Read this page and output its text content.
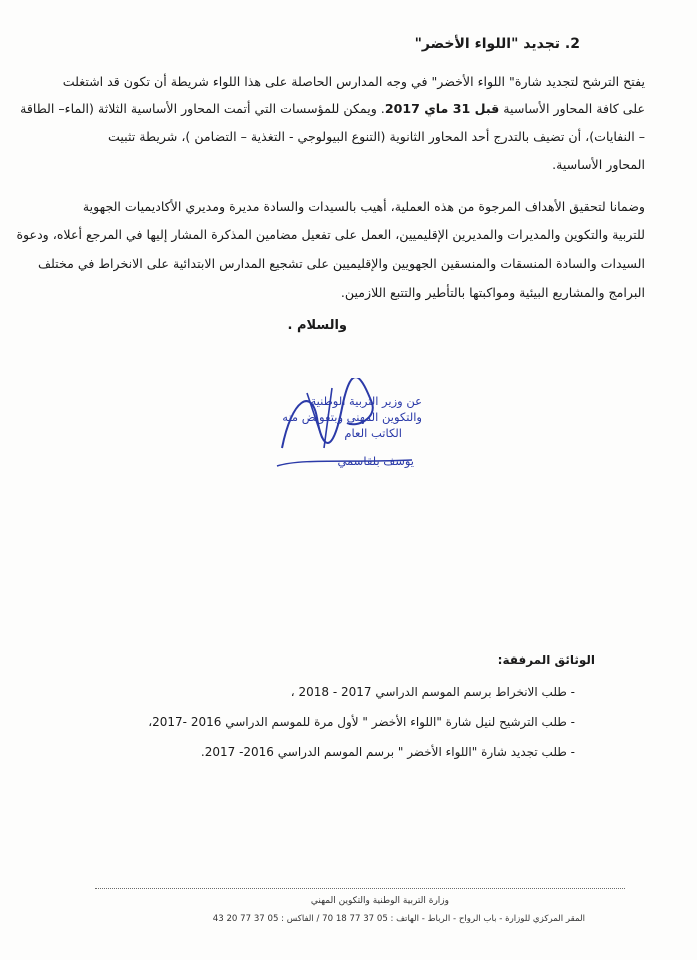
2. تجديد "اللواء الأخضر"
يفتح الترشح لتجديد شارة" اللواء الأخضر" في وجه المدارس الحاصلة على هذا اللواء شريطة أن تكون قد اشتغلت
على كافة المحاور الأساسية قبل 31 ماي 2017. ويمكن للمؤسسات التي أتمت المحاور الأساسية الثلاثة (الماء– الطاقة
– النفايات)، أن تضيف بالتدرج أحد المحاور الثانوية (التنوع البيولوجي - التغذية – التضامن )، شريطة تثبيت
المحاور الأساسية.
وضمانا لتحقيق الأهداف المرجوة من هذه العملية، أهيب بالسيدات والسادة مديرة ومديري الأكاديميات الجهوية
للتربية والتكوين والمديرات والمديرين الإقليميين، العمل على تفعيل مضامين المذكرة المشار إليها في المرجع أعلاه، ودعوة
السيدات والسادة المنسقات والمنسقين الجهويين والإقليميين على تشجيع المدارس الابتدائية على الانخراط في مختلف
البرامج والمشاريع البيئية ومواكبتها بالتأطير والتتبع اللازمين.
والسلام .
عن وزير التربية الوطنية
والتكوين المهني وبتفويض منه
الكاتب العام
يوسف بلقاسمي
الوثائق المرفقة:
- طلب الانخراط برسم الموسم الدراسي 2017 - 2018 ،
- طلب الترشيح لنيل شارة "اللواء الأخضر " لأول مرة للموسم الدراسي 2016 -2017،
- طلب تجديد شارة "اللواء الأخضر " برسم الموسم الدراسي 2016- 2017.
وزارة التربية الوطنية والتكوين المهني
المقر المركزي للوزارة - باب الرواح - الرباط - الهاتف : 05 37 77 18 70 / الفاكس : 05 37 77 20 43
